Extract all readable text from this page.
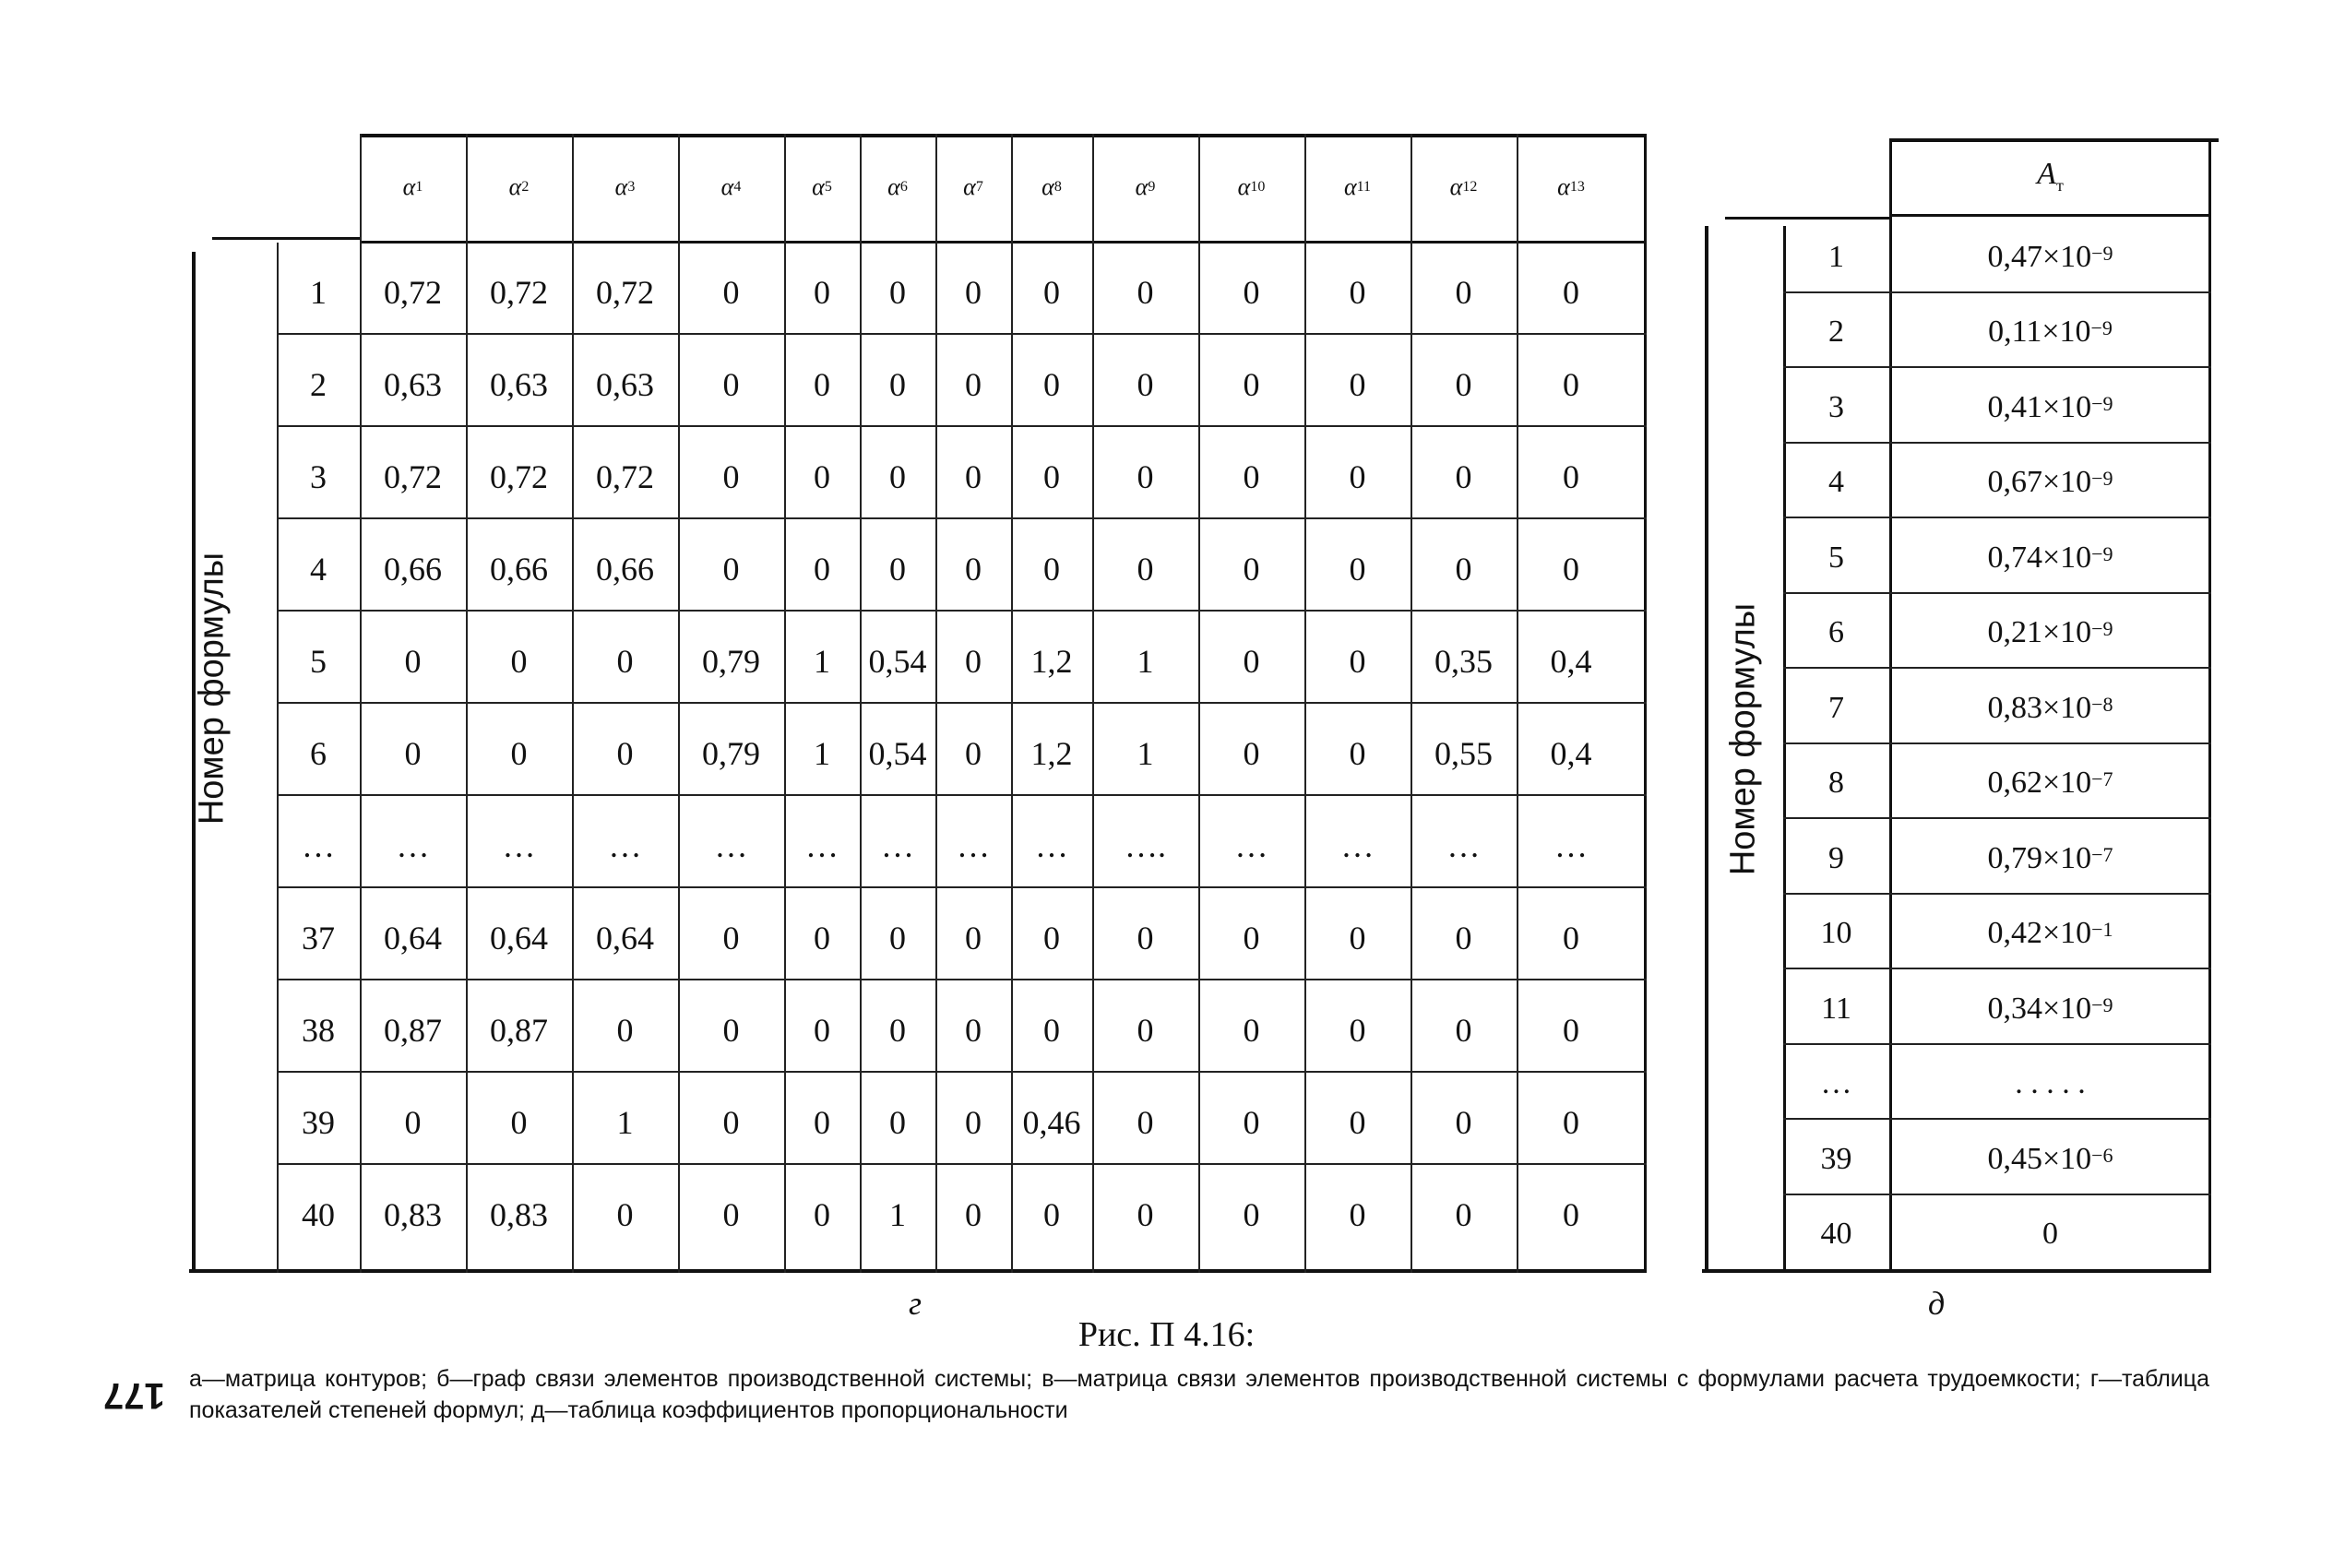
Номер формулы
α 1	α 2	α 3	α 4	α 5 α 6 α 7 α 8	α 9	α 10	α 11	α 12	α 13
1	0,72	0,72	0,72	0	0	0	0	0	0	0	0	0	0
2	0,63	0,63	0,63	0	0	0	0	0	0	0	0	0	0
3	0,72	0,72	0,72	0	0	0	0	0	0	0	0	0	0
4	0,66	0,66	0,66	0	0	0	0	0	0	0	0	0	0
5	0	0	0	0,79	1	0,54	0	1,2	1	0	0	0,35	0,4
6	0	0	0	0,79	1	0,54	0	1,2	1	0	0	0,55	0,4
…	…	…	…	…	…	…	…	…	….	…	…	…	…
37	0,64	0,64	0,64	0	0	0	0	0	0	0	0	0	0
38	0,87	0,87	0	0	0	0	0	0	0	0	0	0	0
39	0	0	1	0	0	0	0	0,46	0	0	0	0	0
40	0,83	0,83	0	0	0	1	0	0	0	0	0	0	0
г
$A_т$
Номер формулы
1	$0,47\times 10^{-9}$
2	$0,11\times 10^{-9}$
3	$0,41\times 10^{-9}$
4	$0,67\times 10^{-9}$
5	$0,74\times 10^{-9}$
6	$0,21\times 10^{-9}$
7	$0,83\times 10^{-8}$
8	$0,62\times 10^{-7}$
9	$0,79\times 10^{-7}$
10	$0,42\times 10^{-1}$
11	$0,34\times 10^{-9}$
…	. . . . .
39	$0,45\times 10^{-6}$
40	0
д
Рис. П 4.16:
а—матрица контуров; б—граф связи элементов производственной системы; в—матрица связи элементов производственной системы с формулами расчета трудоемкости; г—таблица показателей степеней формул; д—таблица коэффициентов пропорциональности
177
